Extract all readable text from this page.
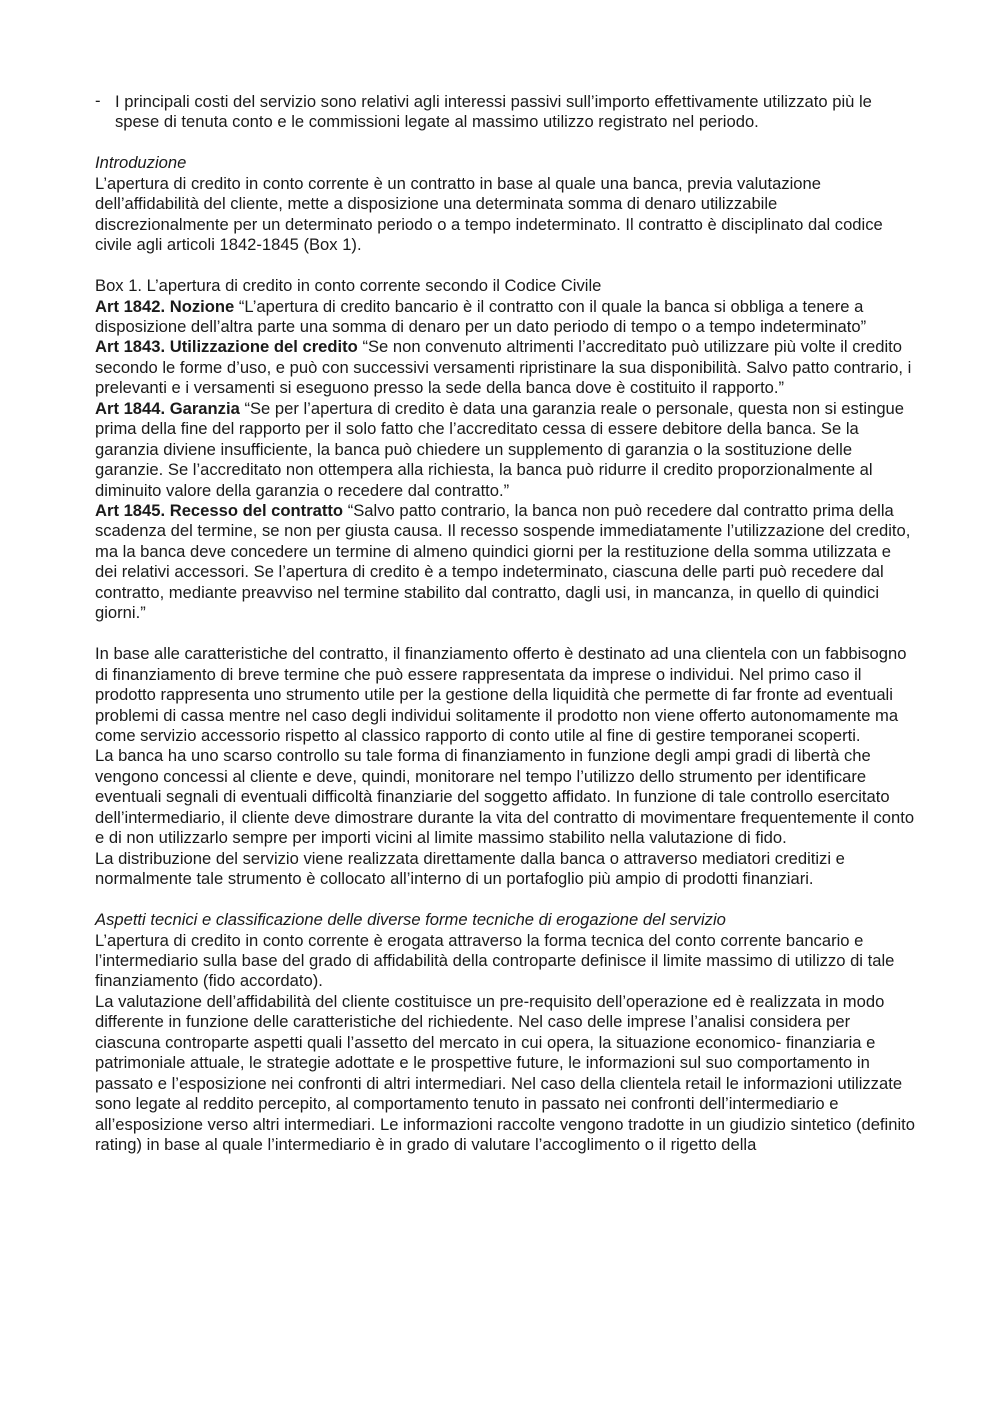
- I principali costi del servizio sono relativi agli interessi passivi sull’importo effettivamente utilizzato più le spese di tenuta conto e le commissioni legate al massimo utilizzo registrato nel periodo.

Introduzione

L’apertura di credito in conto corrente è un contratto in base al quale una banca, previa valutazione dell’affidabilità del cliente, mette a disposizione una determinata somma di denaro utilizzabile discrezionalmente per un determinato periodo o a tempo indeterminato. Il contratto è disciplinato dal codice civile agli articoli 1842-1845 (Box 1).

Box 1. L’apertura di credito in conto corrente secondo il Codice Civile

Art 1842. Nozione “L’apertura di credito bancario è il contratto con il quale la banca si obbliga a tenere a disposizione dell’altra parte una somma di denaro per un dato periodo di tempo o a tempo indeterminato”

Art 1843. Utilizzazione del credito “Se non convenuto altrimenti l’accreditato può utilizzare più volte il credito secondo le forme d’uso, e può con successivi versamenti ripristinare la sua disponibilità. Salvo patto contrario, i prelevanti e i versamenti si eseguono presso la sede della banca dove è costituito il rapporto.”

Art 1844. Garanzia “Se per l’apertura di credito è data una garanzia reale o personale, questa non si estingue prima della fine del rapporto per il solo fatto che l’accreditato cessa di essere debitore della banca. Se la garanzia diviene insufficiente, la banca può chiedere un supplemento di garanzia o la sostituzione delle garanzie. Se l’accreditato non ottempera alla richiesta, la banca può ridurre il credito proporzionalmente al diminuito valore della garanzia o recedere dal contratto.”

Art 1845. Recesso del contratto “Salvo patto contrario, la banca non può recedere dal contratto prima della scadenza del termine, se non per giusta causa. Il recesso sospende immediatamente l’utilizzazione del credito, ma la banca deve concedere un termine di almeno quindici giorni per la restituzione della somma utilizzata e dei relativi accessori. Se l’apertura di credito è a tempo indeterminato, ciascuna delle parti può recedere dal contratto, mediante preavviso nel termine stabilito dal contratto, dagli usi, in mancanza, in quello di quindici giorni.”

In base alle caratteristiche del contratto, il finanziamento offerto è destinato ad una clientela con un fabbisogno di finanziamento di breve termine che può essere rappresentata da imprese o individui. Nel primo caso il prodotto rappresenta uno strumento utile per la gestione della liquidità che permette di far fronte ad eventuali problemi di cassa mentre nel caso degli individui solitamente il prodotto non viene offerto autonomamente ma come servizio accessorio rispetto al classico rapporto di conto utile al fine di gestire temporanei scoperti.

La banca ha uno scarso controllo su tale forma di finanziamento in funzione degli ampi gradi di libertà che vengono concessi al cliente e deve, quindi, monitorare nel tempo l’utilizzo dello strumento per identificare eventuali segnali di eventuali difficoltà finanziarie del soggetto affidato. In funzione di tale controllo esercitato dell’intermediario, il cliente deve dimostrare durante la vita del contratto di movimentare frequentemente il conto e di non utilizzarlo sempre per importi vicini al limite massimo stabilito nella valutazione di fido.

La distribuzione del servizio viene realizzata direttamente dalla banca o attraverso mediatori creditizi e normalmente tale strumento è collocato all’interno di un portafoglio più ampio di prodotti finanziari.

Aspetti tecnici e classificazione delle diverse forme tecniche di erogazione del servizio

L’apertura di credito in conto corrente è erogata attraverso la forma tecnica del conto corrente bancario e l’intermediario sulla base del grado di affidabilità della controparte definisce il limite massimo di utilizzo di tale finanziamento (fido accordato).

La valutazione dell’affidabilità del cliente costituisce un pre-requisito dell’operazione ed è realizzata in modo differente in funzione delle caratteristiche del richiedente. Nel caso delle imprese l’analisi considera per ciascuna controparte aspetti quali l’assetto del mercato in cui opera, la situazione economico- finanziaria e patrimoniale attuale, le strategie adottate e le prospettive future, le informazioni sul suo comportamento in passato e l’esposizione nei confronti di altri intermediari. Nel caso della clientela retail le informazioni utilizzate sono legate al reddito percepito, al comportamento tenuto in passato nei confronti dell’intermediario e all’esposizione verso altri intermediari. Le informazioni raccolte vengono tradotte in un giudizio sintetico (definito rating) in base al quale l’intermediario è in grado di valutare l’accoglimento o il rigetto della
